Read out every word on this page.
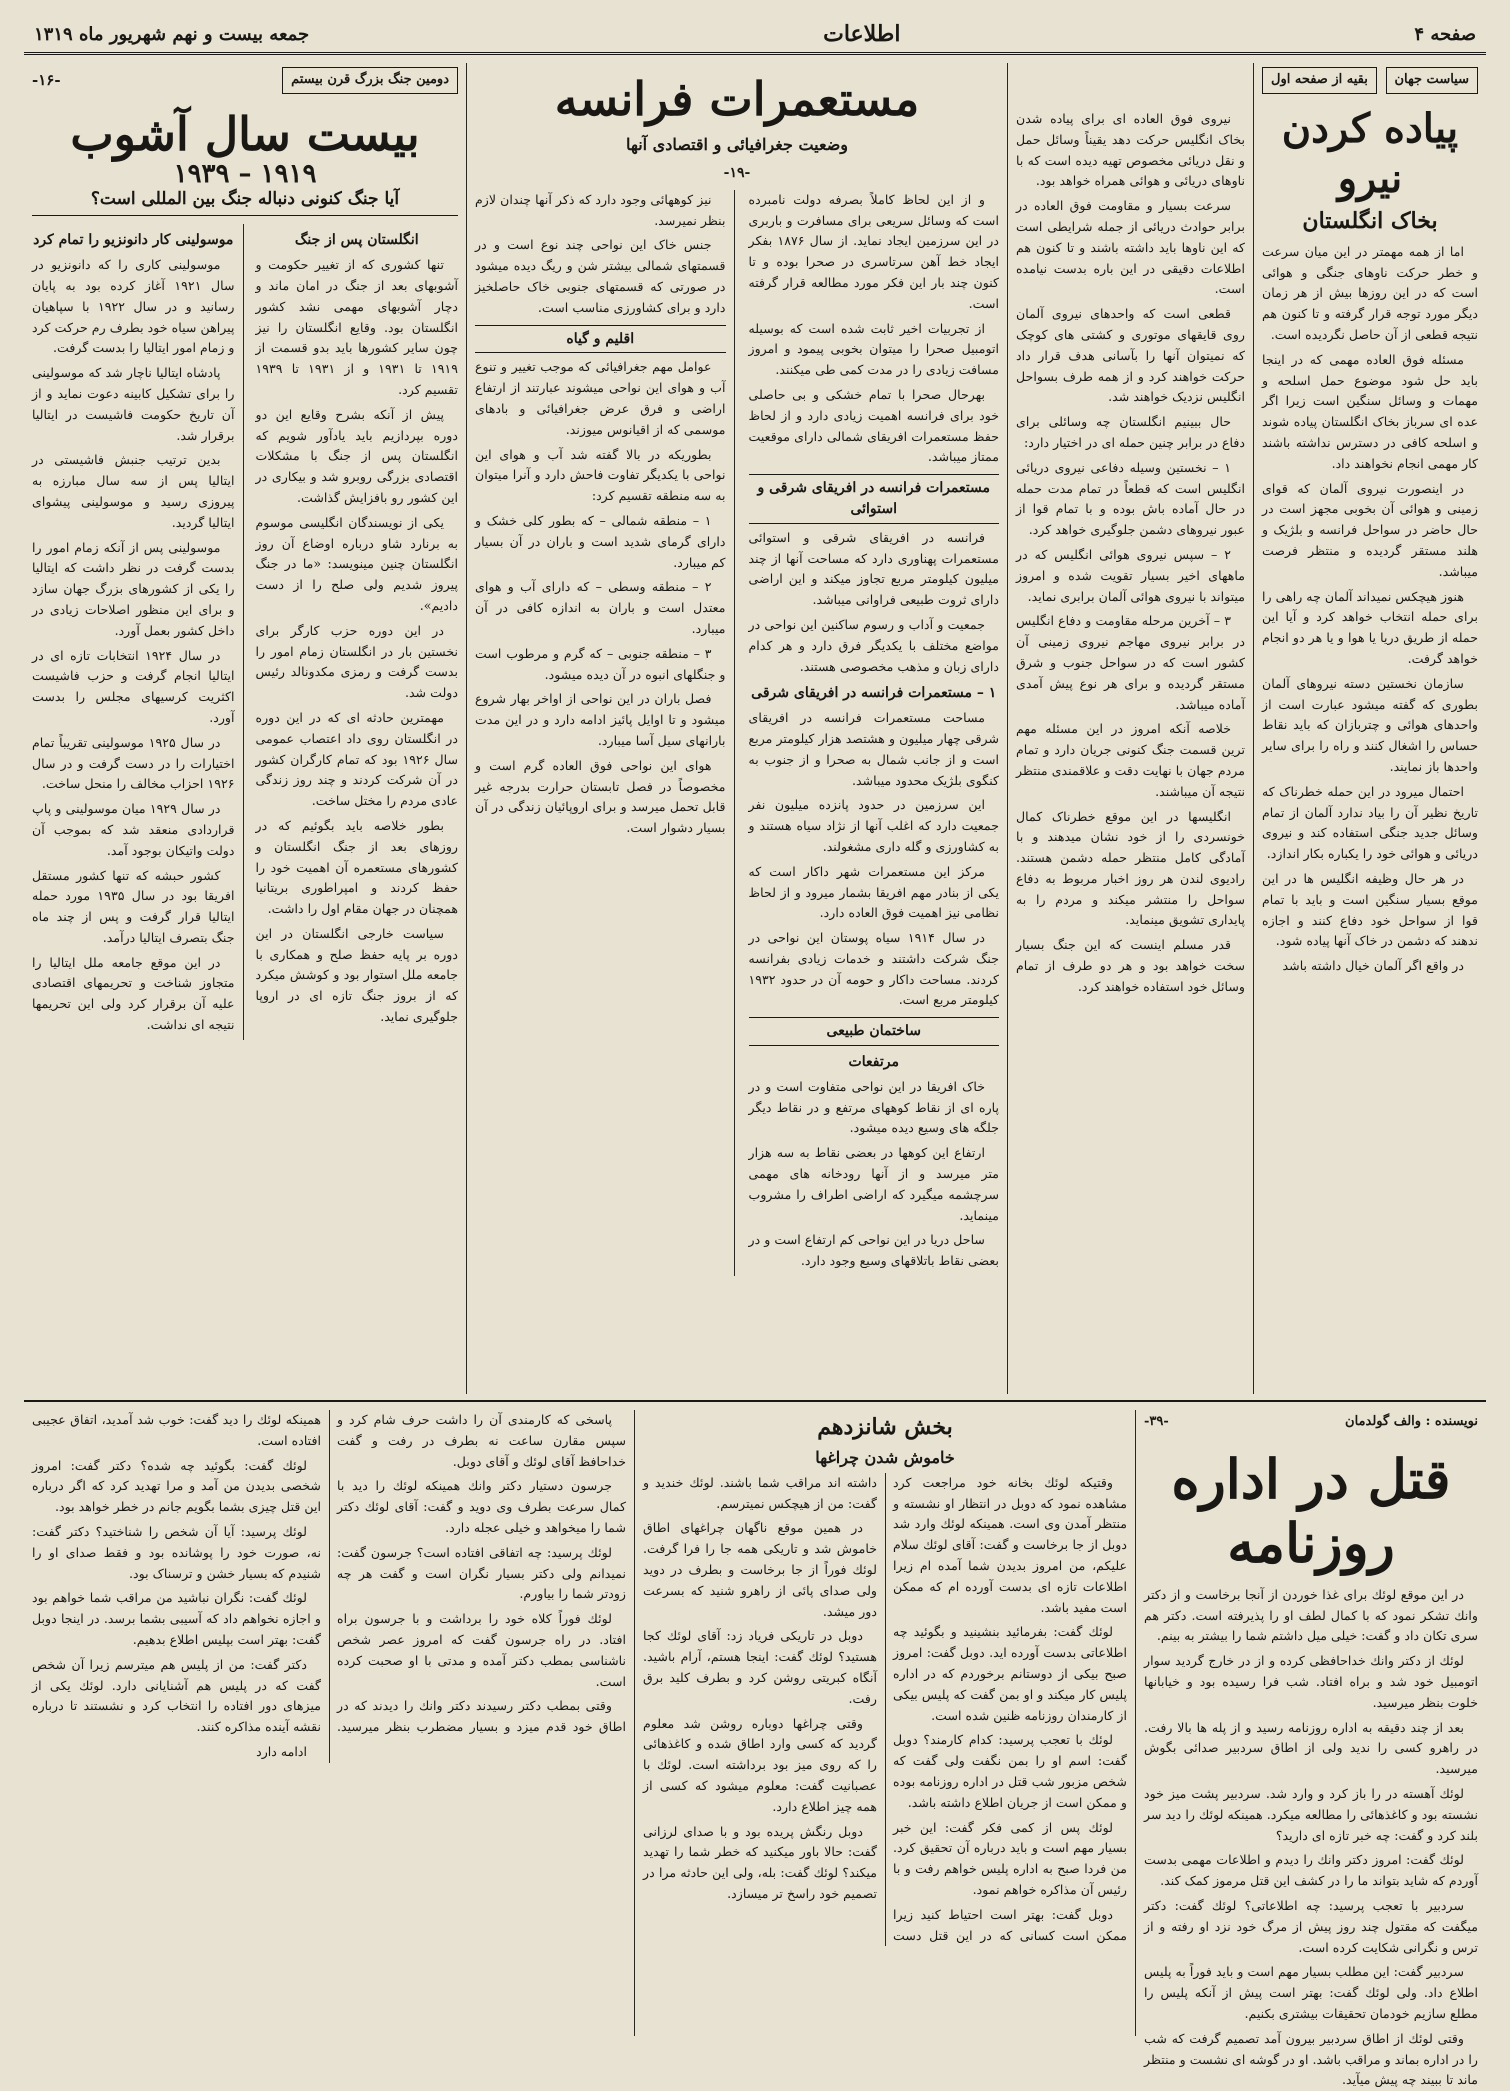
صفحه ۴
اطلاعات
جمعه بیست و نهم شهریور ماه ۱۳۱۹
سیاست جهان
بقیه از صفحه اول
پیاده کردن نیرو
بخاک انگلستان

اما از همه مهمتر در این میان سرعت و خطر حرکت ناوهای جنگی و هوائی است که در این روزها بیش از هر زمان دیگر مورد توجه قرار گرفته و تا کنون هم نتیجه قطعی از آن حاصل نگردیده است.

مسئله فوق العاده مهمی که در اینجا باید حل شود موضوع حمل اسلحه و مهمات و وسائل سنگین است زیرا اگر عده ای سرباز بخاک انگلستان پیاده شوند و اسلحه کافی در دسترس نداشته باشند کار مهمی انجام نخواهند داد.

در اینصورت نیروی آلمان که قوای زمینی و هوائی آن بخوبی مجهز است در حال حاضر در سواحل فرانسه و بلژیک و هلند مستقر گردیده و منتظر فرصت میباشد.

هنوز هیچکس نمیداند آلمان چه راهی را برای حمله انتخاب خواهد کرد و آیا این حمله از طریق دریا یا هوا و یا هر دو انجام خواهد گرفت.

سازمان نخستین دسته نیروهای آلمان بطوری که گفته میشود عبارت است از واحدهای هوائی و چتربازان که باید نقاط حساس را اشغال کنند و راه را برای سایر واحدها باز نمایند.

احتمال میرود در این حمله خطرناک که تاریخ نظیر آن را بیاد ندارد آلمان از تمام وسائل جدید جنگی استفاده کند و نیروی دریائی و هوائی خود را یکباره بکار اندازد.

در هر حال وظیفه انگلیس ها در این موقع بسیار سنگین است و باید با تمام قوا از سواحل خود دفاع کنند و اجازه ندهند که دشمن در خاک آنها پیاده شود.

در واقع اگر آلمان خیال داشته باشد

نیروی فوق العاده ای برای پیاده شدن بخاک انگلیس حرکت دهد یقیناً وسائل حمل و نقل دریائی مخصوص تهیه دیده است که با ناوهای دریائی و هوائی همراه خواهد بود.

سرعت بسیار و مقاومت فوق العاده در برابر حوادث دریائی از جمله شرایطی است که این ناوها باید داشته باشند و تا کنون هم اطلاعات دقیقی در این باره بدست نیامده است.

قطعی است که واحدهای نیروی آلمان روی قایقهای موتوری و کشتی های کوچک که نمیتوان آنها را بآسانی هدف قرار داد حرکت خواهند کرد و از همه طرف بسواحل انگلیس نزدیک خواهند شد.

حال ببینیم انگلستان چه وسائلی برای دفاع در برابر چنین حمله ای در اختیار دارد:

۱ – نخستین وسیله دفاعی نیروی دریائی انگلیس است که قطعاً در تمام مدت حمله در حال آماده باش بوده و با تمام قوا از عبور نیروهای دشمن جلوگیری خواهد کرد.

۲ – سپس نیروی هوائی انگلیس که در ماههای اخیر بسیار تقویت شده و امروز میتواند با نیروی هوائی آلمان برابری نماید.

۳ – آخرین مرحله مقاومت و دفاع انگلیس در برابر نیروی مهاجم نیروی زمینی آن کشور است که در سواحل جنوب و شرق مستقر گردیده و برای هر نوع پیش آمدی آماده میباشد.

خلاصه آنکه امروز در این مسئله مهم ترین قسمت جنگ کنونی جریان دارد و تمام مردم جهان با نهایت دقت و علاقمندی منتظر نتیجه آن میباشند.

انگلیسها در این موقع خطرناک کمال خونسردی را از خود نشان میدهند و با آمادگی کامل منتظر حمله دشمن هستند. رادیوی لندن هر روز اخبار مربوط به دفاع سواحل را منتشر میکند و مردم را به پایداری تشویق مینماید.

قدر مسلم اینست که این جنگ بسیار سخت خواهد بود و هر دو طرف از تمام وسائل خود استفاده خواهند کرد.

مستعمرات فرانسه
وضعیت جغرافیائی و اقتصادی آنها
-۱۹-

و از این لحاظ کاملاً بصرفه دولت نامبرده است که وسائل سریعی برای مسافرت و باربری در این سرزمین ایجاد نماید. از سال ۱۸۷۶ بفکر ایجاد خط آهن سرتاسری در صحرا بوده و تا کنون چند بار این فکر مورد مطالعه قرار گرفته است.

از تجربیات اخیر ثابت شده است که بوسیله اتومبیل صحرا را میتوان بخوبی پیمود و امروز مسافت زیادی را در مدت کمی طی میکنند.

بهرحال صحرا با تمام خشکی و بی حاصلی خود برای فرانسه اهمیت زیادی دارد و از لحاظ حفظ مستعمرات افریقای شمالی دارای موقعیت ممتاز میباشد.

مستعمرات فرانسه در افریقای شرقی و استوائی

فرانسه در افریقای شرقی و استوائی مستعمرات پهناوری دارد که مساحت آنها از چند میلیون کیلومتر مربع تجاوز میکند و این اراضی دارای ثروت طبیعی فراوانی میباشد.

جمعیت و آداب و رسوم ساکنین این نواحی در مواضع مختلف با یکدیگر فرق دارد و هر کدام دارای زبان و مذهب مخصوصی هستند.

۱ – مستعمرات فرانسه در افریقای شرقی

مساحت مستعمرات فرانسه در افریقای شرقی چهار میلیون و هشتصد هزار کیلومتر مربع است و از جانب شمال به صحرا و از جنوب به کنگوی بلژیک محدود میباشد.

این سرزمین در حدود پانزده میلیون نفر جمعیت دارد که اغلب آنها از نژاد سیاه هستند و به کشاورزی و گله داری مشغولند.

مرکز این مستعمرات شهر داکار است که یکی از بنادر مهم افریقا بشمار میرود و از لحاظ نظامی نیز اهمیت فوق العاده دارد.

در سال ۱۹۱۴ سیاه پوستان این نواحی در جنگ شرکت داشتند و خدمات زیادی بفرانسه کردند. مساحت داکار و حومه آن در حدود ۱۹۳۲ کیلومتر مربع است.

ساختمان طبیعی
مرتفعات

خاک افریقا در این نواحی متفاوت است و در پاره ای از نقاط کوههای مرتفع و در نقاط دیگر جلگه های وسیع دیده میشود.

ارتفاع این کوهها در بعضی نقاط به سه هزار متر میرسد و از آنها رودخانه های مهمی سرچشمه میگیرد که اراضی اطراف را مشروب مینماید.

ساحل دریا در این نواحی کم ارتفاع است و در بعضی نقاط باتلاقهای وسیع وجود دارد.

نیز کوههائی وجود دارد که ذکر آنها چندان لازم بنظر نمیرسد.

جنس خاک این نواحی چند نوع است و در قسمتهای شمالی بیشتر شن و ریگ دیده میشود در صورتی که قسمتهای جنوبی خاک حاصلخیز دارد و برای کشاورزی مناسب است.

اقلیم و گیاه

عوامل مهم جغرافیائی که موجب تغییر و تنوع آب و هوای این نواحی میشوند عبارتند از ارتفاع اراضی و فرق عرض جغرافیائی و بادهای موسمی که از اقیانوس میوزند.

بطوریکه در بالا گفته شد آب و هوای این نواحی با یکدیگر تفاوت فاحش دارد و آنرا میتوان به سه منطقه تقسیم کرد:

۱ – منطقه شمالی – که بطور کلی خشک و دارای گرمای شدید است و باران در آن بسیار کم میبارد.

۲ – منطقه وسطی – که دارای آب و هوای معتدل است و باران به اندازه کافی در آن میبارد.

۳ – منطقه جنوبی – که گرم و مرطوب است و جنگلهای انبوه در آن دیده میشود.

فصل باران در این نواحی از اواخر بهار شروع میشود و تا اوایل پائیز ادامه دارد و در این مدت بارانهای سیل آسا میبارد.

هوای این نواحی فوق العاده گرم است و مخصوصاً در فصل تابستان حرارت بدرجه غیر قابل تحمل میرسد و برای اروپائیان زندگی در آن بسیار دشوار است.

دومین جنگ بزرگ قرن بیستم
-۱۶-
بیست سال آشوب
۱۹۱۹ – ۱۹۳۹
آیا جنگ کنونی دنباله جنگ بین المللی است؟
انگلستان پس از جنگ

تنها کشوری که از تغییر حکومت و آشوبهای بعد از جنگ در امان ماند و دچار آشوبهای مهمی نشد کشور انگلستان بود. وقایع انگلستان را نیز چون سایر کشورها باید بدو قسمت از ۱۹۱۹ تا ۱۹۳۱ و از ۱۹۳۱ تا ۱۹۳۹ تقسیم کرد.

پیش از آنکه بشرح وقایع این دو دوره بپردازیم باید یادآور شویم که انگلستان پس از جنگ با مشکلات اقتصادی بزرگی روبرو شد و بیکاری در این کشور رو بافزایش گذاشت.

یکی از نویسندگان انگلیسی موسوم به برنارد شاو درباره اوضاع آن روز انگلستان چنین مینویسد: «ما در جنگ پیروز شدیم ولی صلح را از دست دادیم».

در این دوره حزب کارگر برای نخستین بار در انگلستان زمام امور را بدست گرفت و رمزی مکدونالد رئیس دولت شد.

مهمترین حادثه ای که در این دوره در انگلستان روی داد اعتصاب عمومی سال ۱۹۲۶ بود که تمام کارگران کشور در آن شرکت کردند و چند روز زندگی عادی مردم را مختل ساخت.

بطور خلاصه باید بگوئیم که در روزهای بعد از جنگ انگلستان و کشورهای مستعمره آن اهمیت خود را حفظ کردند و امپراطوری بریتانیا همچنان در جهان مقام اول را داشت.

سیاست خارجی انگلستان در این دوره بر پایه حفظ صلح و همکاری با جامعه ملل استوار بود و کوشش میکرد که از بروز جنگ تازه ای در اروپا جلوگیری نماید.

موسولینی کار دانونزیو را تمام کرد

موسولینی کاری را که دانونزیو در سال ۱۹۲۱ آغاز کرده بود به پایان رسانید و در سال ۱۹۲۲ با سپاهیان پیراهن سیاه خود بطرف رم حرکت کرد و زمام امور ایتالیا را بدست گرفت.

پادشاه ایتالیا ناچار شد که موسولینی را برای تشکیل کابینه دعوت نماید و از آن تاریخ حکومت فاشیست در ایتالیا برقرار شد.

بدین ترتیب جنبش فاشیستی در ایتالیا پس از سه سال مبارزه به پیروزی رسید و موسولینی پیشوای ایتالیا گردید.

موسولینی پس از آنکه زمام امور را بدست گرفت در نظر داشت که ایتالیا را یکی از کشورهای بزرگ جهان سازد و برای این منظور اصلاحات زیادی در داخل کشور بعمل آورد.

در سال ۱۹۲۴ انتخابات تازه ای در ایتالیا انجام گرفت و حزب فاشیست اکثریت کرسیهای مجلس را بدست آورد.

در سال ۱۹۲۵ موسولینی تقریباً تمام اختیارات را در دست گرفت و در سال ۱۹۲۶ احزاب مخالف را منحل ساخت.

در سال ۱۹۲۹ میان موسولینی و پاپ قراردادی منعقد شد که بموجب آن دولت واتیکان بوجود آمد.

کشور حبشه که تنها کشور مستقل افریقا بود در سال ۱۹۳۵ مورد حمله ایتالیا قرار گرفت و پس از چند ماه جنگ بتصرف ایتالیا درآمد.

در این موقع جامعه ملل ایتالیا را متجاوز شناخت و تحریمهای اقتصادی علیه آن برقرار کرد ولی این تحریمها نتیجه ای نداشت.

نویسنده : والف گولدمان
-۳۹-
قتل در اداره روزنامه

در این موقع لوئك برای غذا خوردن از آنجا برخاست و از دکتر وانك تشکر نمود که با کمال لطف او را پذیرفته است. دکتر هم سری تکان داد و گفت: خیلی میل داشتم شما را بیشتر به بینم.

لوئك از دکتر وانك خداحافظی کرده و از در خارج گردید سوار اتومبیل خود شد و براه افتاد. شب فرا رسیده بود و خیابانها خلوت بنظر میرسید.

بعد از چند دقیقه به اداره روزنامه رسید و از پله ها بالا رفت. در راهرو کسی را ندید ولی از اطاق سردبیر صدائی بگوش میرسید.

لوئك آهسته در را باز کرد و وارد شد. سردبیر پشت میز خود نشسته بود و کاغذهائی را مطالعه میکرد. همینکه لوئك را دید سر بلند کرد و گفت: چه خبر تازه ای دارید؟

لوئك گفت: امروز دکتر وانك را دیدم و اطلاعات مهمی بدست آوردم که شاید بتواند ما را در کشف این قتل مرموز کمک کند.

سردبیر با تعجب پرسید: چه اطلاعاتی؟ لوئك گفت: دکتر میگفت که مقتول چند روز پیش از مرگ خود نزد او رفته و از ترس و نگرانی شکایت کرده است.

سردبیر گفت: این مطلب بسیار مهم است و باید فوراً به پلیس اطلاع داد. ولی لوئك گفت: بهتر است پیش از آنکه پلیس را مطلع سازیم خودمان تحقیقات بیشتری بکنیم.

وقتی لوئك از اطاق سردبیر بیرون آمد تصمیم گرفت که شب را در اداره بماند و مراقب باشد. او در گوشه ای نشست و منتظر ماند تا ببیند چه پیش میآید.

بخش شانزدهم
خاموش شدن چراغها

وقتیکه لوئك بخانه خود مراجعت کرد مشاهده نمود که دوبل در انتظار او نشسته و منتظر آمدن وی است. همینکه لوئك وارد شد دوبل از جا برخاست و گفت: آقای لوئك سلام علیکم، من امروز بدیدن شما آمده ام زیرا اطلاعات تازه ای بدست آورده ام که ممکن است مفید باشد.

لوئك گفت: بفرمائید بنشینید و بگوئید چه اطلاعاتی بدست آورده اید. دوبل گفت: امروز صبح بیکی از دوستانم برخوردم که در اداره پلیس کار میکند و او بمن گفت که پلیس بیکی از کارمندان روزنامه ظنین شده است.

لوئك با تعجب پرسید: کدام کارمند؟ دوبل گفت: اسم او را بمن نگفت ولی گفت که شخص مزبور شب قتل در اداره روزنامه بوده و ممکن است از جریان اطلاع داشته باشد.

لوئك پس از کمی فکر گفت: این خبر بسیار مهم است و باید درباره آن تحقیق کرد. من فردا صبح به اداره پلیس خواهم رفت و با رئیس آن مذاکره خواهم نمود.

دوبل گفت: بهتر است احتیاط کنید زیرا ممکن است کسانی که در این قتل دست داشته اند مراقب شما باشند. لوئك خندید و گفت: من از هیچکس نمیترسم.

در همین موقع ناگهان چراغهای اطاق خاموش شد و تاریکی همه جا را فرا گرفت. لوئك فوراً از جا برخاست و بطرف در دوید ولی صدای پائی از راهرو شنید که بسرعت دور میشد.

دوبل در تاریکی فریاد زد: آقای لوئك کجا هستید؟ لوئك گفت: اینجا هستم، آرام باشید. آنگاه کبریتی روشن کرد و بطرف کلید برق رفت.

وقتی چراغها دوباره روشن شد معلوم گردید که کسی وارد اطاق شده و کاغذهائی را که روی میز بود برداشته است. لوئك با عصبانیت گفت: معلوم میشود که کسی از همه چیز اطلاع دارد.

دوبل رنگش پریده بود و با صدای لرزانی گفت: حالا باور میکنید که خطر شما را تهدید میکند؟ لوئك گفت: بله، ولی این حادثه مرا در تصمیم خود راسخ تر میسازد.

پاسخی که کارمندی آن را داشت حرف شام کرد و سپس مقارن ساعت نه بطرف در رفت و گفت خداحافظ آقای لوئك و آقای دوبل.

جرسون دستیار دکتر وانك همینکه لوئك را دید با کمال سرعت بطرف وی دوید و گفت: آقای لوئك دکتر شما را میخواهد و خیلی عجله دارد.

لوئك پرسید: چه اتفاقی افتاده است؟ جرسون گفت: نمیدانم ولی دکتر بسیار نگران است و گفت هر چه زودتر شما را بیاورم.

لوئك فوراً کلاه خود را برداشت و با جرسون براه افتاد. در راه جرسون گفت که امروز عصر شخص ناشناسی بمطب دکتر آمده و مدتی با او صحبت کرده است.

وقتی بمطب دکتر رسیدند دکتر وانك را دیدند که در اطاق خود قدم میزد و بسیار مضطرب بنظر میرسید. همینکه لوئك را دید گفت: خوب شد آمدید، اتفاق عجیبی افتاده است.

لوئك گفت: بگوئید چه شده؟ دکتر گفت: امروز شخصی بدیدن من آمد و مرا تهدید کرد که اگر درباره این قتل چیزی بشما بگویم جانم در خطر خواهد بود.

لوئك پرسید: آیا آن شخص را شناختید؟ دکتر گفت: نه، صورت خود را پوشانده بود و فقط صدای او را شنیدم که بسیار خشن و ترسناک بود.

لوئك گفت: نگران نباشید من مراقب شما خواهم بود و اجازه نخواهم داد که آسیبی بشما برسد. در اینجا دوبل گفت: بهتر است بپلیس اطلاع بدهیم.

دکتر گفت: من از پلیس هم میترسم زیرا آن شخص گفت که در پلیس هم آشنایانی دارد. لوئك یکی از میزهای دور افتاده را انتخاب کرد و نشستند تا درباره نقشه آینده مذاکره کنند.

ادامه دارد
